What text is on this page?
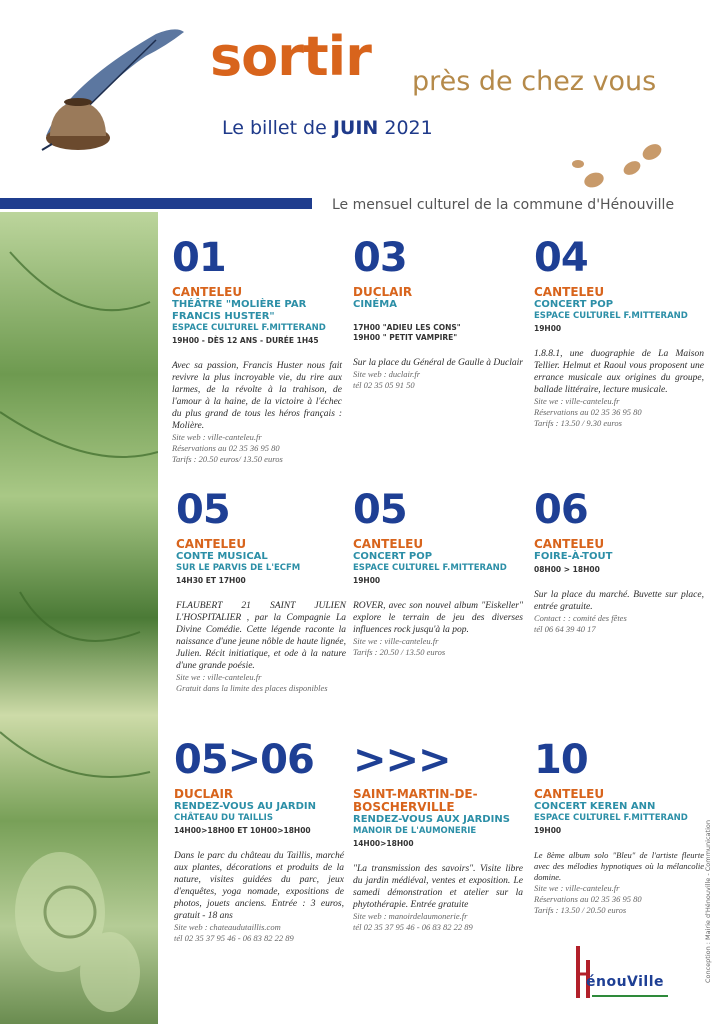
sortir près de chez vous
Le billet de JUIN 2021
Le mensuel culturel de la commune d'Hénouville
01
CANTELEU
THÉÂTRE "MOLIÈRE PAR FRANCIS HUSTER"
ESPACE CULTUREL F.MITTERAND
19H00 - DÈS 12 ANS - DURÉE 1H45
Avec sa passion, Francis Huster nous fait revivre la plus incroyable vie, du rire aux larmes, de la révolte à la trahison, de l'amour à la haine, de la victoire à l'échec du plus grand de tous les héros français : Molière.
Site web : ville-canteleu.fr
Réservations au 02 35 36 95 80
Tarifs : 20.50 euros/ 13.50 euros
03
DUCLAIR
CINÉMA
17H00 "ADIEU LES CONS"
19H00 " PETIT VAMPIRE"
Sur la place du Général de Gaulle à Duclair
Site web : duclair.fr
tél 02 35 05 91 50
04
CANTELEU
CONCERT POP
ESPACE CULTUREL F.MITTERAND
19H00
1.8.8.1, une duographie de La Maison Tellier. Helmut et Raoul vous proposent une errance musicale aux origines du groupe, ballade littéraire, lecture musicale.
Site we : ville-canteleu.fr
Réservations au 02 35 36 95 80
Tarifs : 13.50 / 9.30 euros
05
CANTELEU
CONTE MUSICAL
SUR LE PARVIS DE L'ECFM
14H30 ET 17H00
FLAUBERT 21 SAINT JULIEN L'HOSPITALIER , par la Compagnie La Divine Comédie. Cette légende raconte la naissance d'une jeune nôble de haute lignée, Julien. Récit initiatique, et ode à la nature d'une grande poésie.
Site we : ville-canteleu.fr
Gratuit dans la limite des places disponibles
05
CANTELEU
CONCERT POP
ESPACE CULTUREL F.MITTERAND
19H00
ROVER, avec son nouvel album "Eiskeller" explore le terrain de jeu des diverses influences rock jusqu'à la pop.
Site we : ville-canteleu.fr
Tarifs : 20.50 / 13.50 euros
06
CANTELEU
FOIRE-À-TOUT
08H00 > 18H00
Sur la place du marché. Buvette sur place, entrée gratuite.
Contact : : comité des fêtes
tél 06 64 39 40 17
05>06
DUCLAIR
RENDEZ-VOUS AU JARDIN
CHÂTEAU DU TAILLIS
14H00>18H00 ET 10H00>18H00
Dans le parc du château du Taillis, marché aux plantes, décorations et produits de la nature, visites guidées du parc, jeux d'enquêtes, yoga nomade, expositions de photos, jouets anciens. Entrée : 3 euros, gratuit - 18 ans
Site web : chateaudutaillis.com
tél 02 35 37 95 46 - 06 83 82 22 89
>>>
SAINT-MARTIN-DE-BOSCHERVILLE
RENDEZ-VOUS AUX JARDINS
MANOIR DE L'AUMONERIE
14H00>18H00
"La transmission des savoirs". Visite libre du jardin médiéval, ventes et exposition. Le samedi démonstration et atelier sur la phytothérapie. Entrée gratuite
Site web : manoirdelaumonerie.fr
tél 02 35 37 95 46 - 06 83 82 22 89
10
CANTELEU
CONCERT KEREN ANN
ESPACE CULTUREL F.MITTERAND
19H00
Le 8ème album solo "Bleu" de l'artiste fleurte avec des mélodies hypnotiques où la mélancolie domine.
Site we : ville-canteleu.fr
Réservations au 02 35 36 95 80
Tarifs : 13.50 / 20.50 euros	Conception : Mairie d'Hénouville - Communication
énouVille
